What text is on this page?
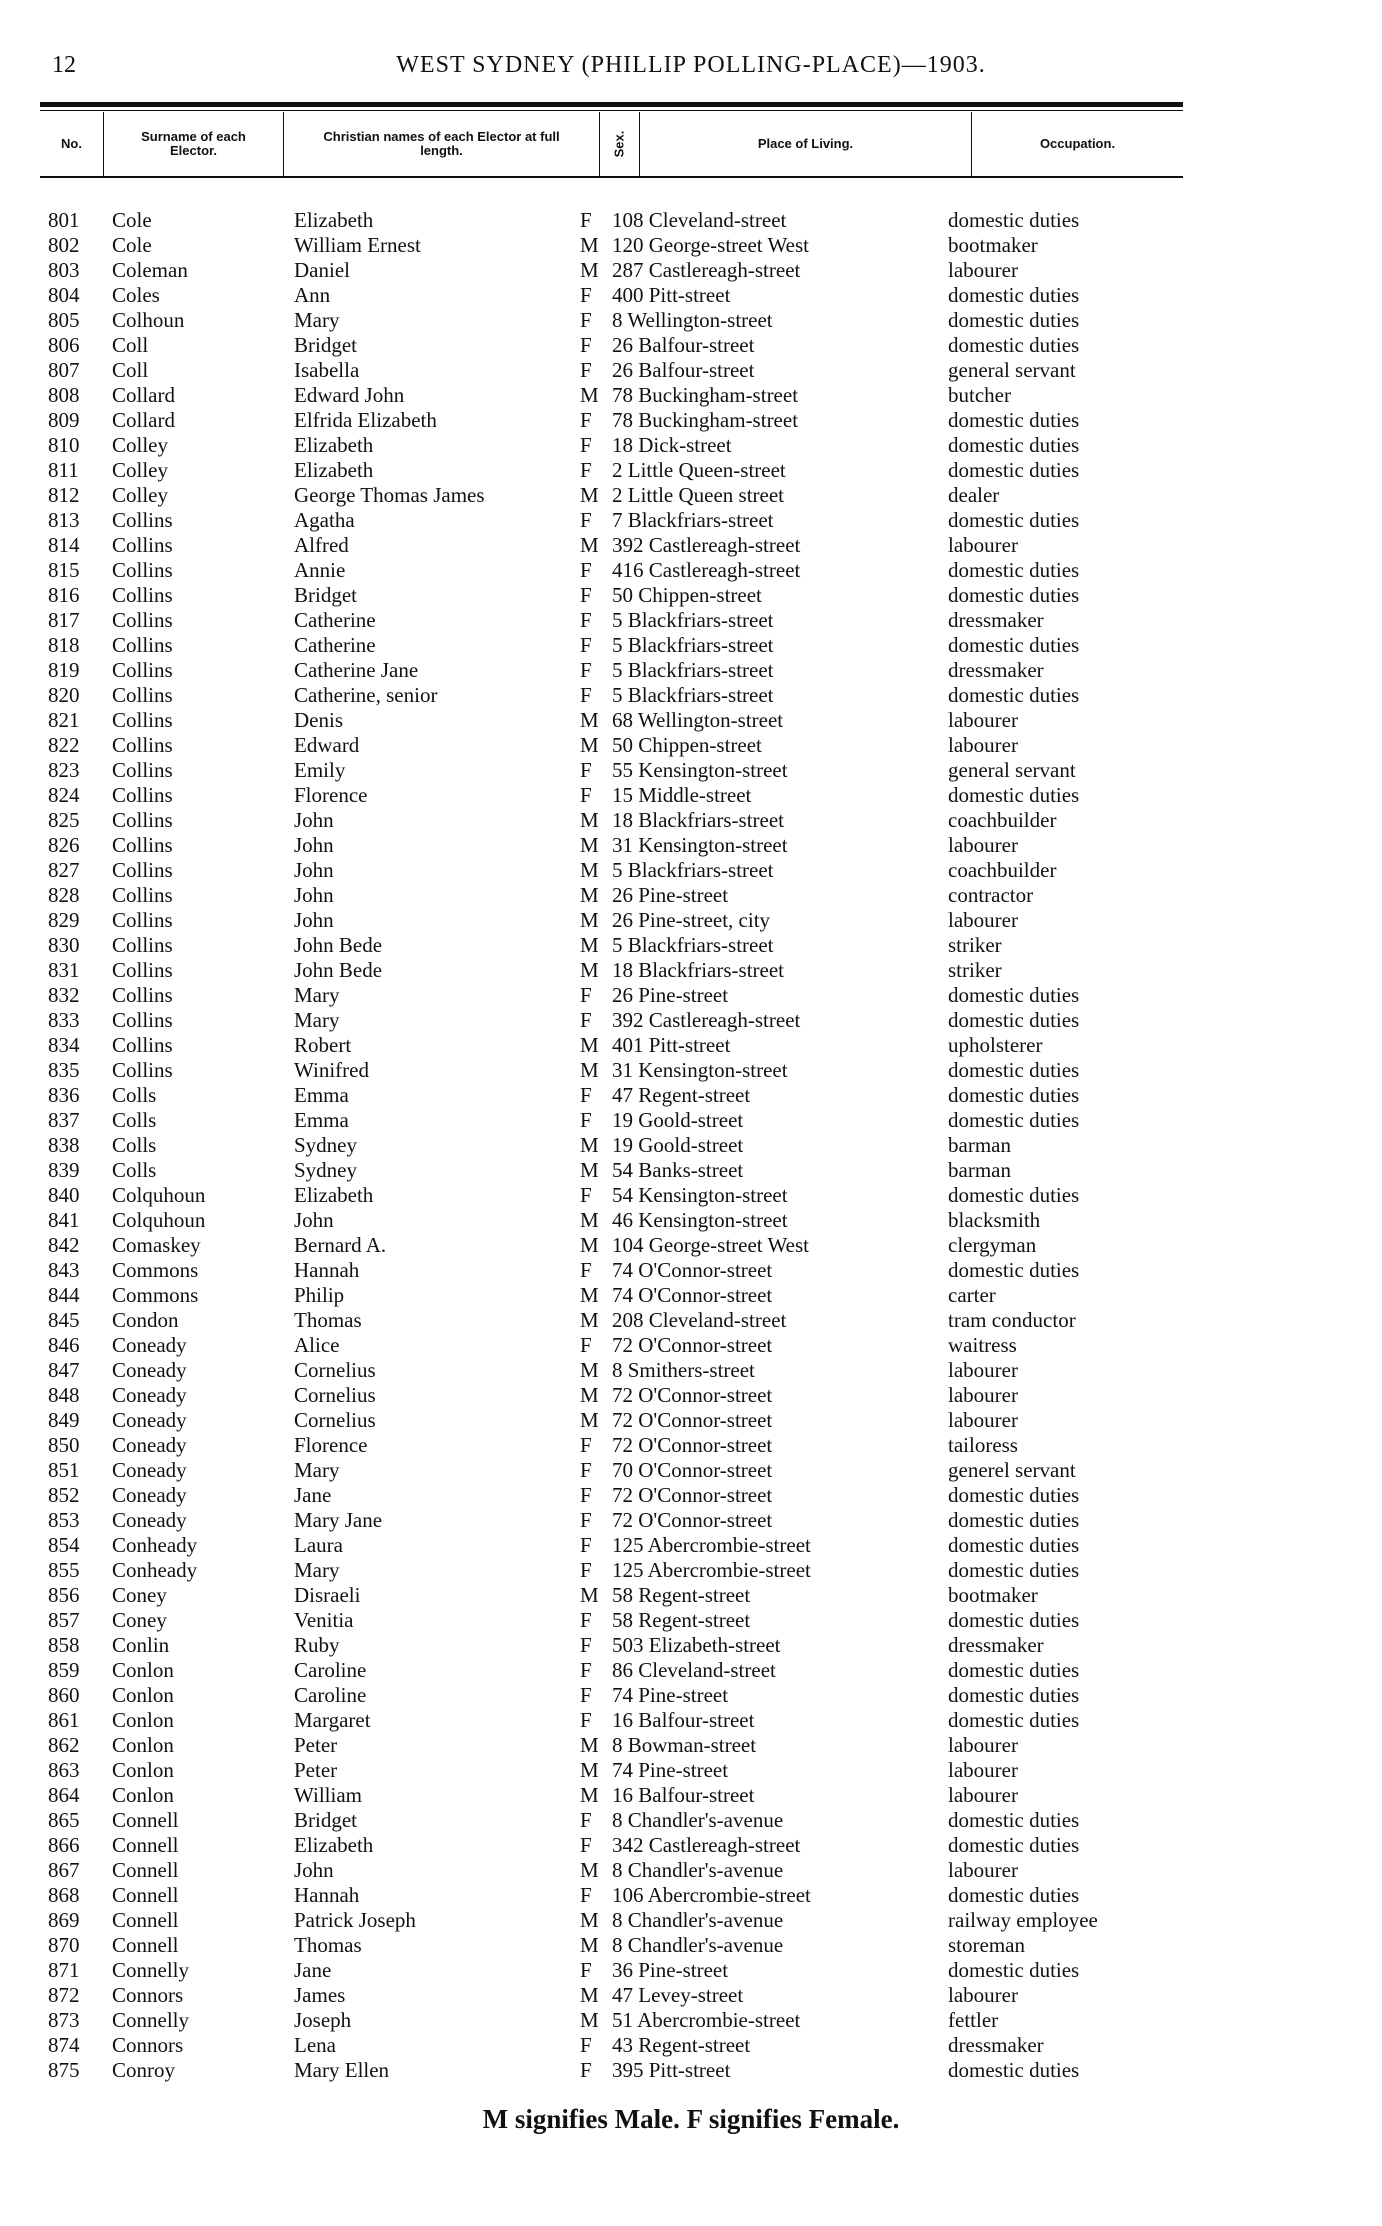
12	WEST SYDNEY (PHILLIP POLLING-PLACE)—1903.
No.	Surname of each Elector.
Christian names of each Elector at full length.	Sex.	Place of Living.	Occupation.
801 Cole	Elizabeth	F 108 Cleveland-street	domestic duties
802 Cole	William Ernest	M 120 George-street West	bootmaker
803 Coleman	Daniel	M 287 Castlereagh-street	labourer
804 Coles	Ann	F 400 Pitt-street	domestic duties
805 Colhoun	Mary	F 8 Wellington-street	domestic duties
806 Coll	Bridget	F 26 Balfour-street	domestic duties
807 Coll	Isabella	F 26 Balfour-street	general servant
808 Collard	Edward John	M 78 Buckingham-street	butcher
809 Collard	Elfrida Elizabeth	F 78 Buckingham-street	domestic duties
810 Colley	Elizabeth	F 18 Dick-street	domestic duties
811 Colley	Elizabeth	F 2 Little Queen-street	domestic duties
812 Colley	George Thomas James	M 2 Little Queen street	dealer
813 Collins	Agatha	F 7 Blackfriars-street	domestic duties
814 Collins	Alfred	M 392 Castlereagh-street	labourer
815 Collins	Annie	F 416 Castlereagh-street	domestic duties
816 Collins	Bridget	F 50 Chippen-street	domestic duties
817 Collins	Catherine	F 5 Blackfriars-street	dressmaker
818 Collins	Catherine	F 5 Blackfriars-street	domestic duties
819 Collins	Catherine Jane	F 5 Blackfriars-street	dressmaker
820 Collins	Catherine, senior	F 5 Blackfriars-street	domestic duties
821 Collins	Denis	M 68 Wellington-street	labourer
822 Collins	Edward	M 50 Chippen-street	labourer
823 Collins	Emily	F 55 Kensington-street	general servant
824 Collins	Florence	F 15 Middle-street	domestic duties
825 Collins	John	M 18 Blackfriars-street	coachbuilder
826 Collins	John	M 31 Kensington-street	labourer
827 Collins	John	M 5 Blackfriars-street	coachbuilder
828 Collins	John	M 26 Pine-street	contractor
829 Collins	John	M 26 Pine-street, city	labourer
830 Collins	John Bede	M 5 Blackfriars-street	striker
831 Collins	John Bede	M 18 Blackfriars-street	striker
832 Collins	Mary	F 26 Pine-street	domestic duties
833 Collins	Mary	F 392 Castlereagh-street	domestic duties
834 Collins	Robert	M 401 Pitt-street	upholsterer
835 Collins	Winifred	M 31 Kensington-street	domestic duties
836 Colls	Emma	F 47 Regent-street	domestic duties
837 Colls	Emma	F 19 Goold-street	domestic duties
838 Colls	Sydney	M 19 Goold-street	barman
839 Colls	Sydney	M 54 Banks-street	barman
840 Colquhoun	Elizabeth	F 54 Kensington-street	domestic duties
841 Colquhoun	John	M 46 Kensington-street	blacksmith
842 Comaskey	Bernard A.	M 104 George-street West	clergyman
843 Commons	Hannah	F 74 O'Connor-street	domestic duties
844 Commons	Philip	M 74 O'Connor-street	carter
845 Condon	Thomas	M 208 Cleveland-street	tram conductor
846 Coneady	Alice	F 72 O'Connor-street	waitress
847 Coneady	Cornelius	M 8 Smithers-street	labourer
848 Coneady	Cornelius	M 72 O'Connor-street	labourer
849 Coneady	Cornelius	M 72 O'Connor-street	labourer
850 Coneady	Florence	F 72 O'Connor-street	tailoress
851 Coneady	Mary	F 70 O'Connor-street	generel servant
852 Coneady	Jane	F 72 O'Connor-street	domestic duties
853 Coneady	Mary Jane	F 72 O'Connor-street	domestic duties
854 Conheady	Laura	F 125 Abercrombie-street	domestic duties
855 Conheady	Mary	F 125 Abercrombie-street	domestic duties
856 Coney	Disraeli	M 58 Regent-street	bootmaker
857 Coney	Venitia	F 58 Regent-street	domestic duties
858 Conlin	Ruby	F 503 Elizabeth-street	dressmaker
859 Conlon	Caroline	F 86 Cleveland-street	domestic duties
860 Conlon	Caroline	F 74 Pine-street	domestic duties
861 Conlon	Margaret	F 16 Balfour-street	domestic duties
862 Conlon	Peter	M 8 Bowman-street	labourer
863 Conlon	Peter	M 74 Pine-street	labourer
864 Conlon	William	M 16 Balfour-street	labourer
865 Connell	Bridget	F 8 Chandler's-avenue	domestic duties
866 Connell	Elizabeth	F 342 Castlereagh-street	domestic duties
867 Connell	John	M 8 Chandler's-avenue	labourer
868 Connell	Hannah	F 106 Abercrombie-street	domestic duties
869 Connell	Patrick Joseph	M 8 Chandler's-avenue	railway employee
870 Connell	Thomas	M 8 Chandler's-avenue	storeman
871 Connelly	Jane	F 36 Pine-street	domestic duties
872 Connors	James	M 47 Levey-street	labourer
873 Connelly	Joseph	M 51 Abercrombie-street	fettler
874 Connors	Lena	F 43 Regent-street	dressmaker
875 Conroy	Mary Ellen	F 395 Pitt-street	domestic duties
M signifies Male. F signifies Female.
